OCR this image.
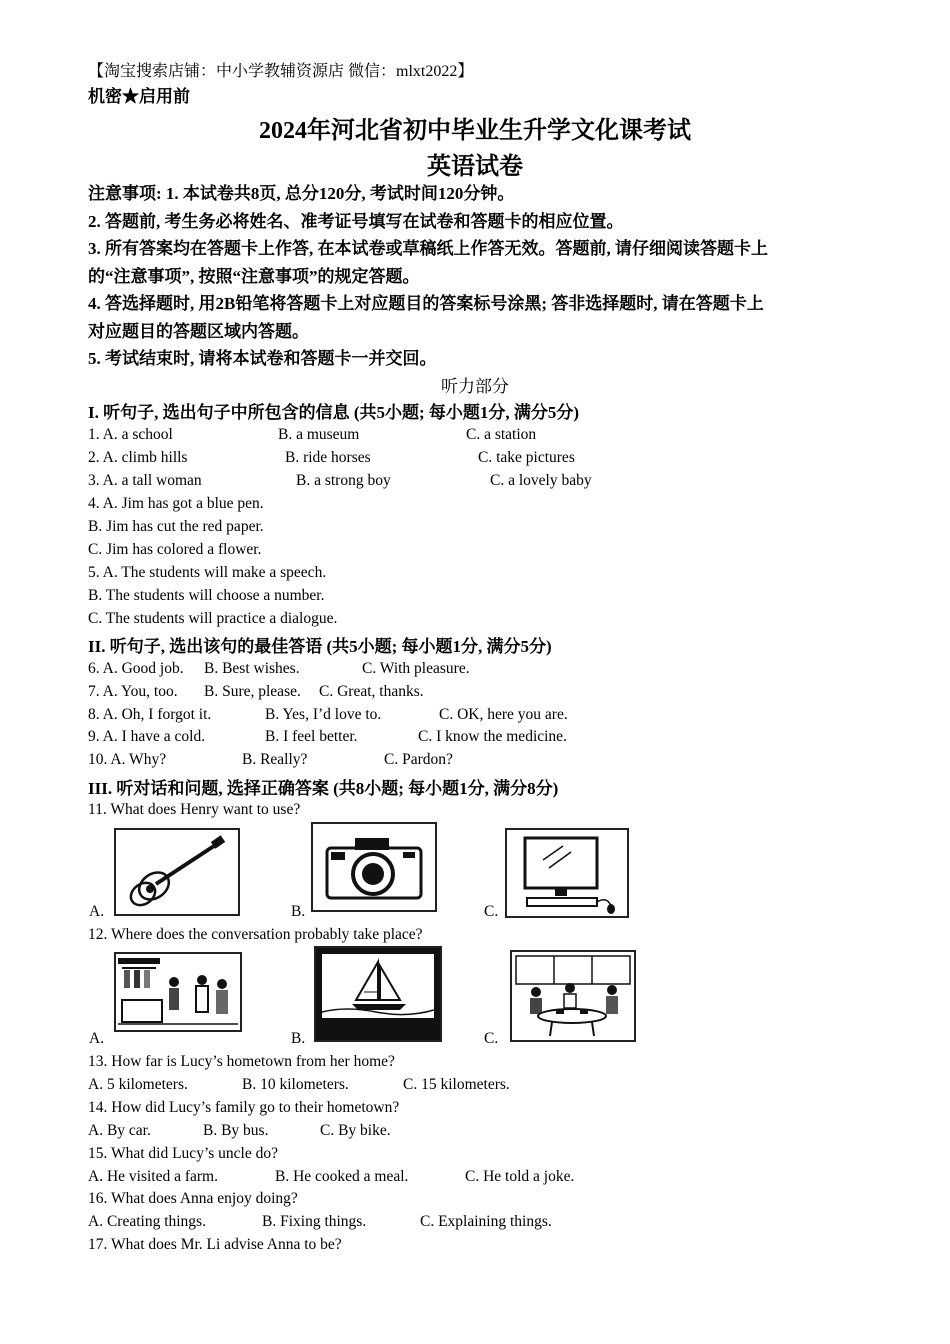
【淘宝搜索店铺：中小学教辅资源店 微信：mlxt2022】
机密★启用前
2024年河北省初中毕业生升学文化课考试
英语试卷
注意事项: 1. 本试卷共8页, 总分120分, 考试时间120分钟。
2. 答题前, 考生务必将姓名、准考证号填写在试卷和答题卡的相应位置。
3. 所有答案均在答题卡上作答, 在本试卷或草稿纸上作答无效。答题前, 请仔细阅读答题卡上
的“注意事项”, 按照“注意事项”的规定答题。
4. 答选择题时, 用2B铅笔将答题卡上对应题目的答案标号涂黑; 答非选择题时, 请在答题卡上
对应题目的答题区域内答题。
5. 考试结束时, 请将本试卷和答题卡一并交回。
听力部分
I. 听句子, 选出句子中所包含的信息 (共5小题; 每小题1分, 满分5分)
1. A. a school	B. a museum	C. a station
2. A. climb hills	B. ride horses	C. take pictures
3. A. a tall woman	B. a strong boy	C. a lovely baby
4. A. Jim has got a blue pen.
B. Jim has cut the red paper.
C. Jim has colored a flower.
5. A. The students will make a speech.
B. The students will choose a number.
C. The students will practice a dialogue.
II. 听句子, 选出该句的最佳答语 (共5小题; 每小题1分, 满分5分)
6. A. Good job. B. Best wishes.	C. With pleasure.
7. A. You, too. B. Sure, please. C. Great, thanks.
8. A. Oh, I forgot it.	B. Yes, I’d love to.	C. OK, here you are.
9. A. I have a cold.	B. I feel better.	C. I know the medicine.
10. A. Why?	B. Really?	C. Pardon?
III. 听对话和问题, 选择正确答案 (共8小题; 每小题1分, 满分8分)
11. What does Henry want to use?
A.	B.	C.
12. Where does the conversation probably take place?
A.	B.	C.
13. How far is Lucy’s hometown from her home?
A. 5 kilometers.	B. 10 kilometers.	C. 15 kilometers.
14. How did Lucy’s family go to their hometown?
A. By car.	B. By bus.	C. By bike.
15. What did Lucy’s uncle do?
A. He visited a farm.	B. He cooked a meal.	C. He told a joke.
16. What does Anna enjoy doing?
A. Creating things.	B. Fixing things.	C. Explaining things.
17. What does Mr. Li advise Anna to be?
